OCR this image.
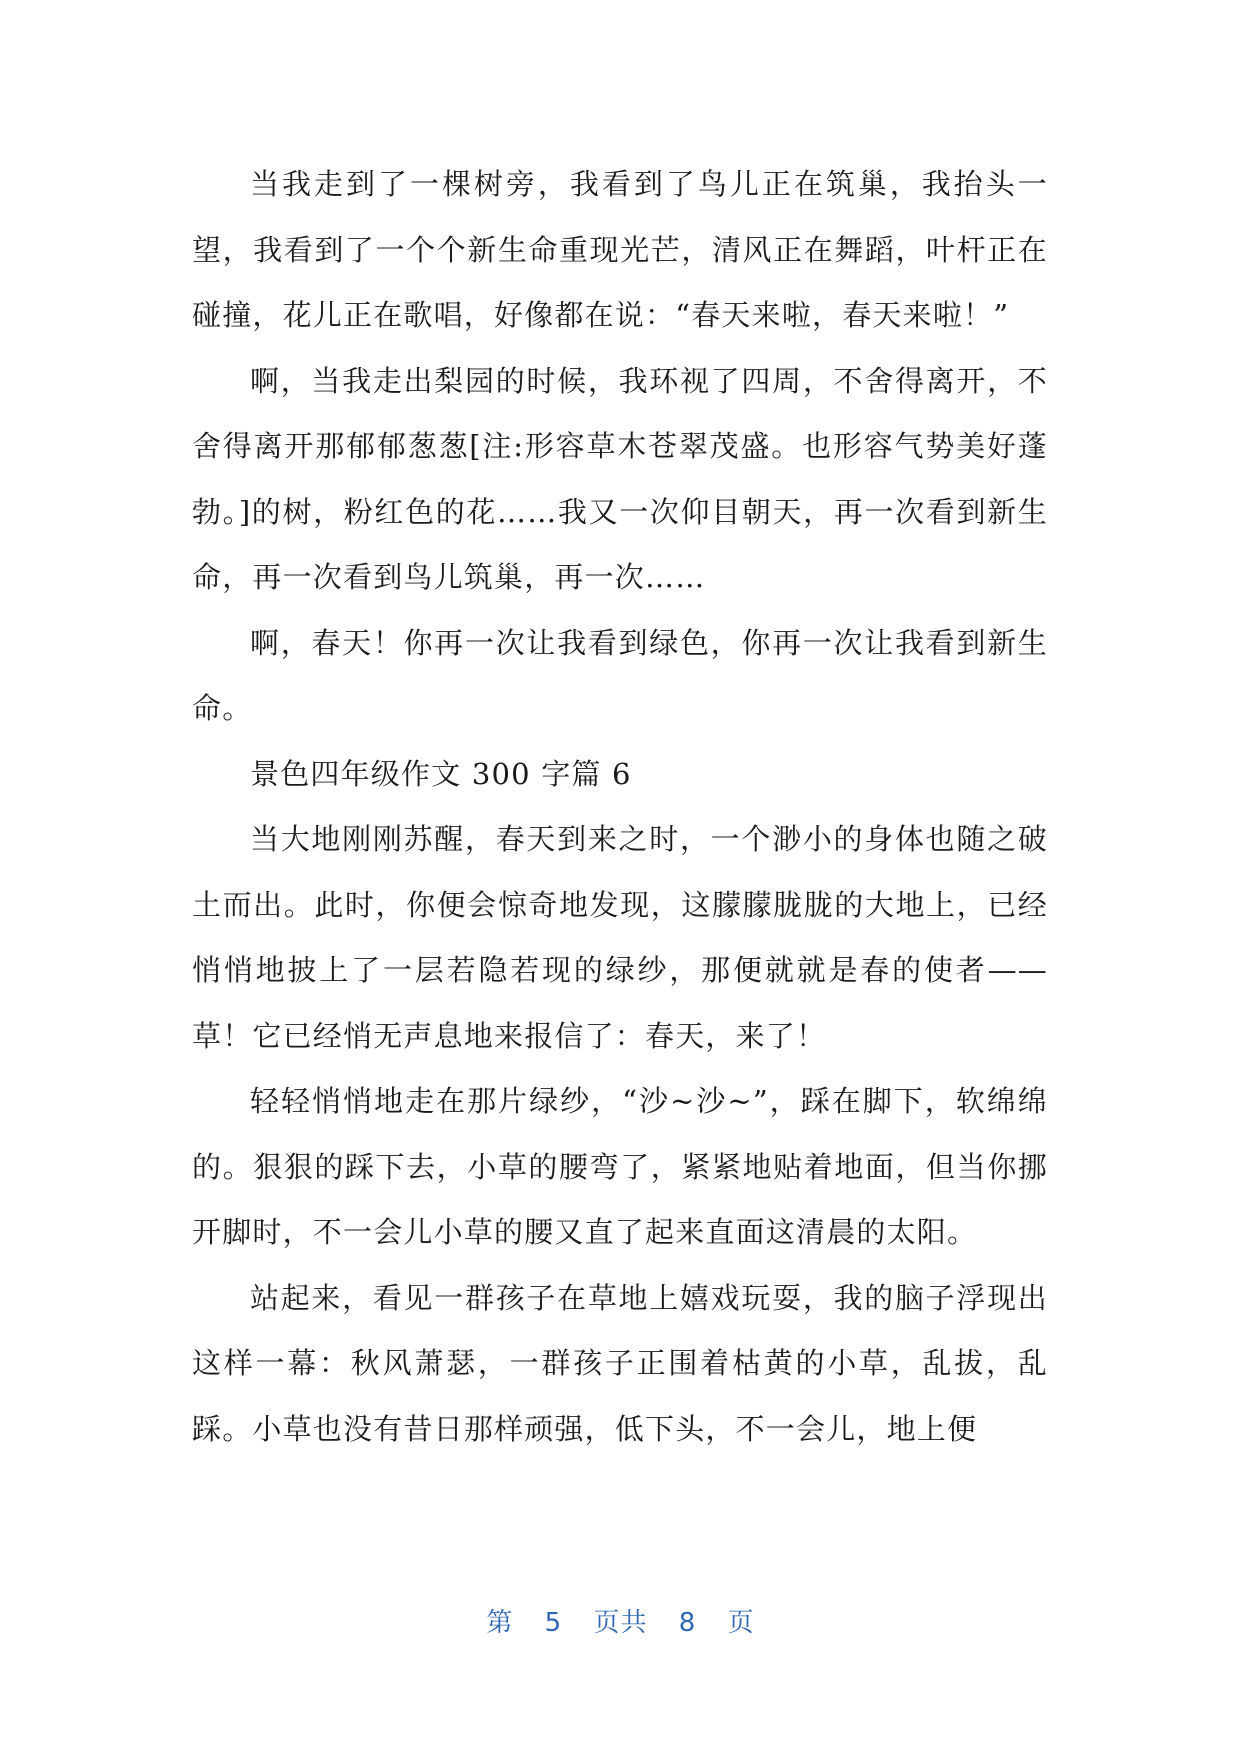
当我走到了一棵树旁，我看到了鸟儿正在筑巢，我抬头一望，我看到了一个个新生命重现光芒，清风正在舞蹈，叶杆正在碰撞，花儿正在歌唱，好像都在说：“春天来啦，春天来啦！”

啊，当我走出梨园的时候，我环视了四周，不舍得离开，不舍得离开那郁郁葱葱[注:形容草木苍翠茂盛。也形容气势美好蓬勃。]的树，粉红色的花……我又一次仰目朝天，再一次看到新生命，再一次看到鸟儿筑巢，再一次……

啊，春天！你再一次让我看到绿色，你再一次让我看到新生命。

景色四年级作文 300 字篇 6

当大地刚刚苏醒，春天到来之时，一个渺小的身体也随之破土而出。此时，你便会惊奇地发现，这朦朦胧胧的大地上，已经悄悄地披上了一层若隐若现的绿纱，那便就就是春的使者——草！它已经悄无声息地来报信了：春天，来了！

轻轻悄悄地走在那片绿纱，“沙~沙~”，踩在脚下，软绵绵的。狠狠的踩下去，小草的腰弯了，紧紧地贴着地面，但当你挪开脚时，不一会儿小草的腰又直了起来直面这清晨的太阳。

站起来，看见一群孩子在草地上嬉戏玩耍，我的脑子浮现出这样一幕：秋风萧瑟，一群孩子正围着枯黄的小草，乱拔，乱踩。小草也没有昔日那样顽强，低下头，不一会儿，地上便

第 5 页共 8 页
